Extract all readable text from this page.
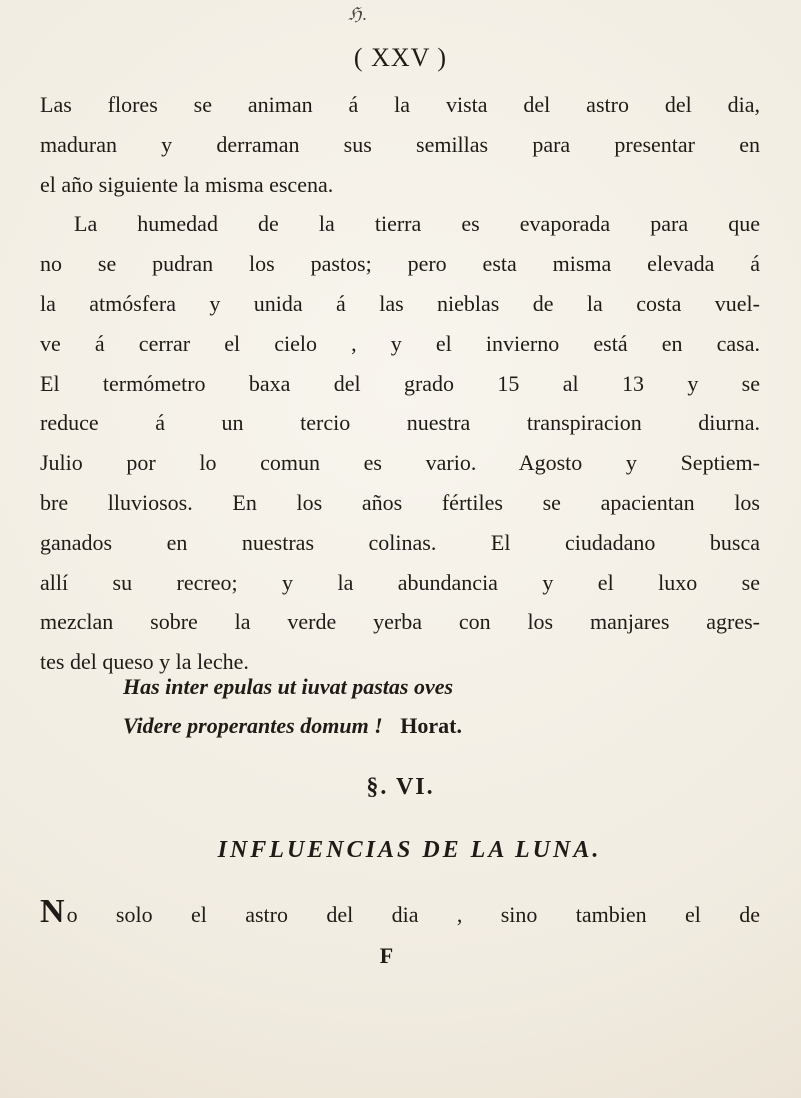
ℌ.
( XXV )
Las flores se animan á la vista del astro del dia,
maduran y derraman sus semillas para presentar en
el año siguiente la misma escena.
La humedad de la tierra es evaporada para que
no se pudran los pastos; pero esta misma elevada á
la atmósfera y unida á las nieblas de la costa vuel-
ve á cerrar el cielo , y el invierno está en casa.
El termómetro baxa del grado 15 al 13 y se
reduce á un tercio nuestra transpiracion diurna.
Julio por lo comun es vario. Agosto y Septiem-
bre lluviosos. En los años fértiles se apacientan los
ganados en nuestras colinas. El ciudadano busca
allí su recreo; y la abundancia y el luxo se
mezclan sobre la verde yerba con los manjares agres-
tes del queso y la leche.
Has inter epulas ut iuvat pastas oves
Videre properantes domum ! Horat.
§. VI.
INFLUENCIAS DE LA LUNA.
No solo el astro del dia , sino tambien el de
F
